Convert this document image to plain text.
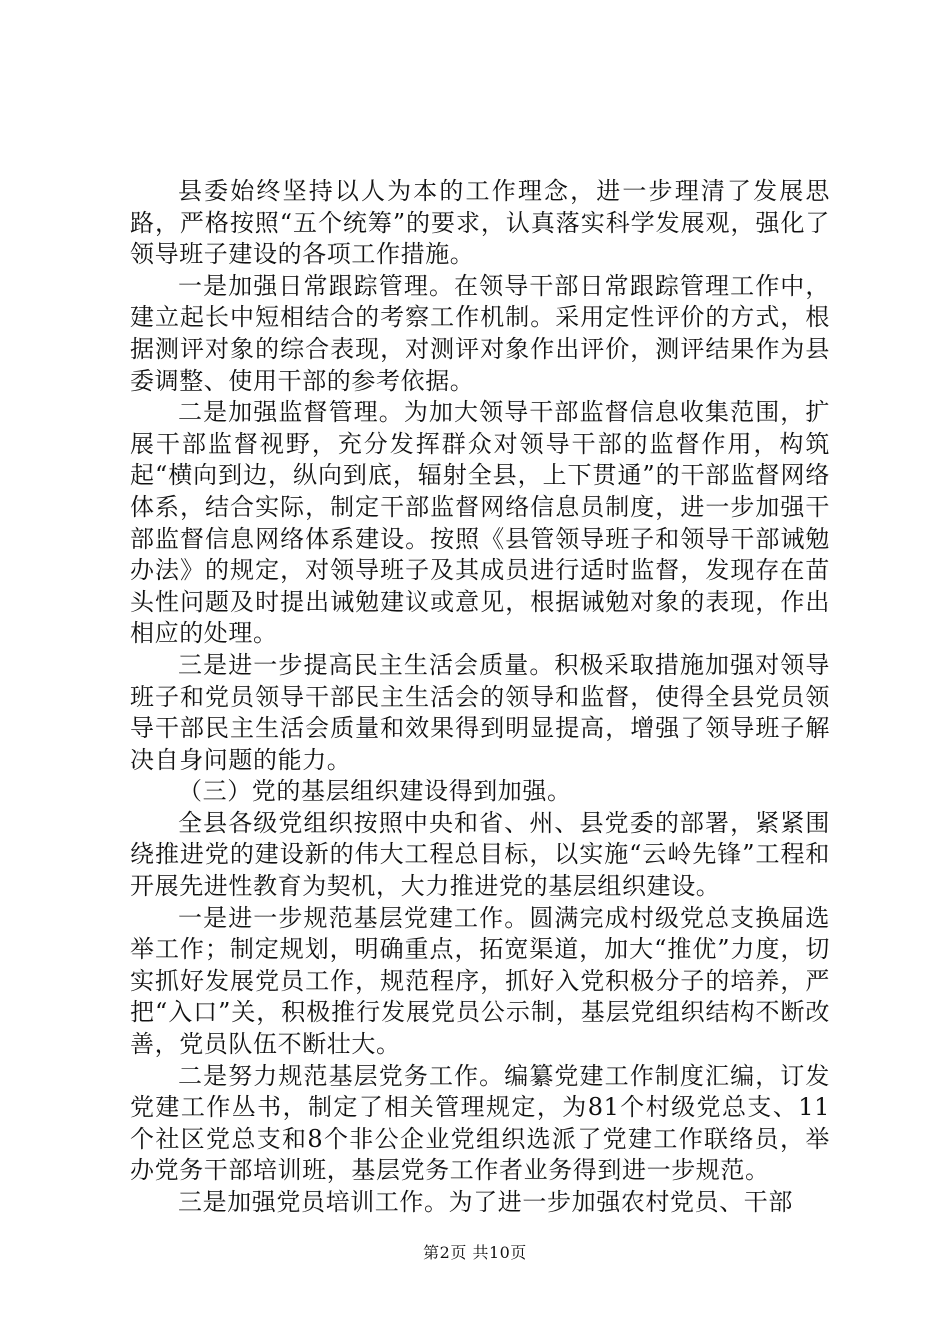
县委始终坚持以人为本的工作理念，进一步理清了发展思路，严格按照“五个统筹”的要求，认真落实科学发展观，强化了领导班子建设的各项工作措施。

一是加强日常跟踪管理。在领导干部日常跟踪管理工作中，建立起长中短相结合的考察工作机制。采用定性评价的方式，根据测评对象的综合表现，对测评对象作出评价，测评结果作为县委调整、使用干部的参考依据。

二是加强监督管理。为加大领导干部监督信息收集范围，扩展干部监督视野，充分发挥群众对领导干部的监督作用，构筑起“横向到边，纵向到底，辐射全县，上下贯通”的干部监督网络体系，结合实际，制定干部监督网络信息员制度，进一步加强干部监督信息网络体系建设。按照《县管领导班子和领导干部诫勉办法》的规定，对领导班子及其成员进行适时监督，发现存在苗头性问题及时提出诫勉建议或意见，根据诫勉对象的表现，作出相应的处理。

三是进一步提高民主生活会质量。积极采取措施加强对领导班子和党员领导干部民主生活会的领导和监督，使得全县党员领导干部民主生活会质量和效果得到明显提高，增强了领导班子解决自身问题的能力。

（三）党的基层组织建设得到加强。

全县各级党组织按照中央和省、州、县党委的部署，紧紧围绕推进党的建设新的伟大工程总目标，以实施“云岭先锋”工程和开展先进性教育为契机，大力推进党的基层组织建设。

一是进一步规范基层党建工作。圆满完成村级党总支换届选举工作；制定规划，明确重点，拓宽渠道，加大“推优”力度，切实抓好发展党员工作，规范程序，抓好入党积极分子的培养，严把“入口”关，积极推行发展党员公示制，基层党组织结构不断改善，党员队伍不断壮大。

二是努力规范基层党务工作。编纂党建工作制度汇编，订发党建工作丛书，制定了相关管理规定，为81个村级党总支、11个社区党总支和8个非公企业党组织选派了党建工作联络员，举办党务干部培训班，基层党务工作者业务得到进一步规范。

三是加强党员培训工作。为了进一步加强农村党员、干部

第2页 共10页
